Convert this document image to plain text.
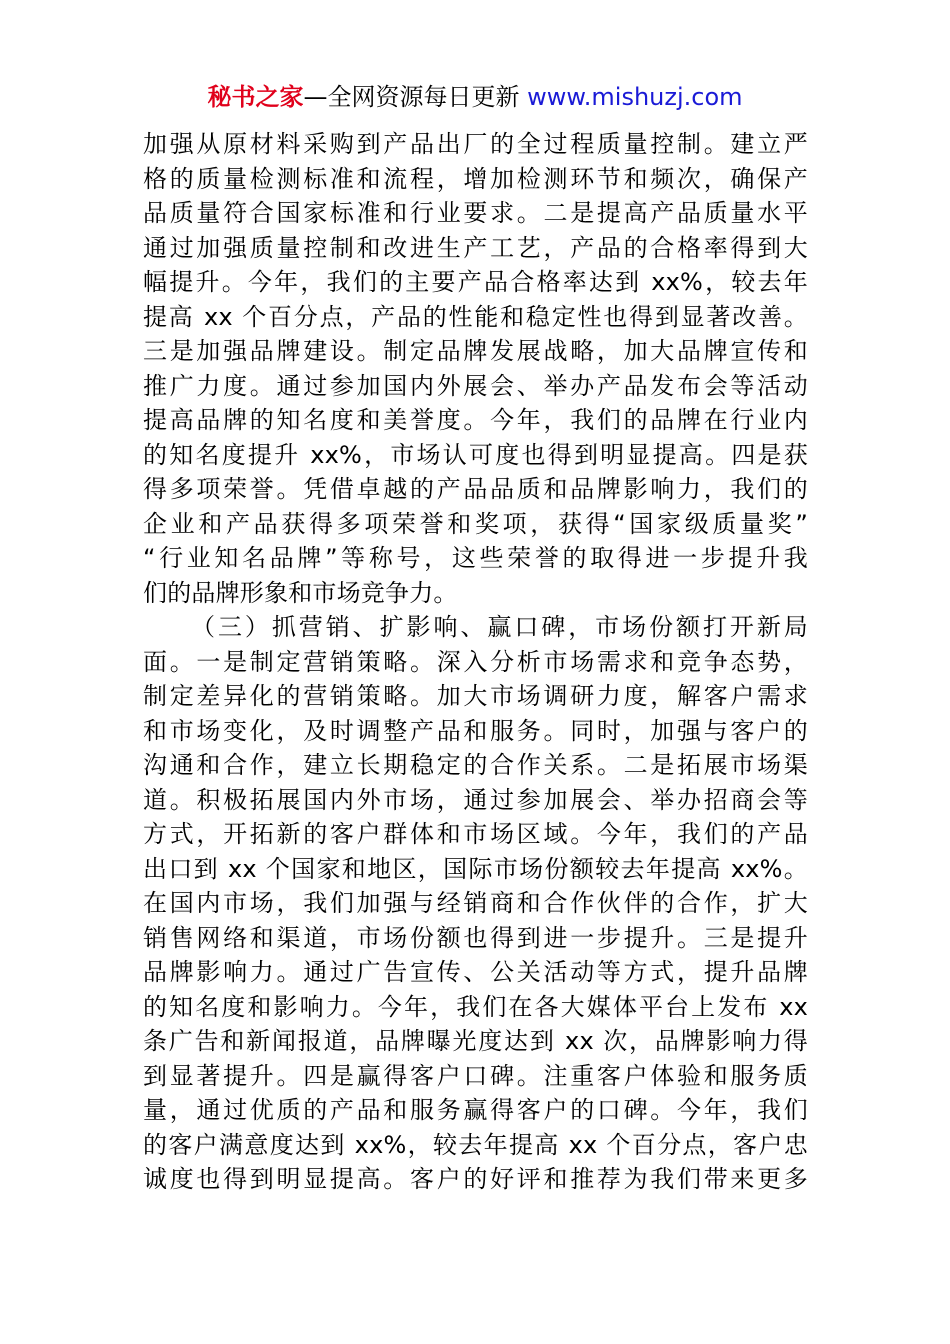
秘书之家—全网资源每日更新 www.mishuzj.com
加强从原材料采购到产品出厂的全过程质量控制。建立严
格的质量检测标准和流程，增加检测环节和频次，确保产
品质量符合国家标准和行业要求。二是提高产品质量水平
通过加强质量控制和改进生产工艺，产品的合格率得到大
幅提升。今年，我们的主要产品合格率达到 xx%，较去年
提高 xx 个百分点，产品的性能和稳定性也得到显著改善。
三是加强品牌建设。制定品牌发展战略，加大品牌宣传和
推广力度。通过参加国内外展会、举办产品发布会等活动
提高品牌的知名度和美誉度。今年，我们的品牌在行业内
的知名度提升 xx%，市场认可度也得到明显提高。四是获
得多项荣誉。凭借卓越的产品品质和品牌影响力，我们的
企业和产品获得多项荣誉和奖项，获得“国家级质量奖”
“行业知名品牌”等称号，这些荣誉的取得进一步提升我
们的品牌形象和市场竞争力。
（三）抓营销、扩影响、赢口碑，市场份额打开新局
面。一是制定营销策略。深入分析市场需求和竞争态势，
制定差异化的营销策略。加大市场调研力度，解客户需求
和市场变化，及时调整产品和服务。同时，加强与客户的
沟通和合作，建立长期稳定的合作关系。二是拓展市场渠
道。积极拓展国内外市场，通过参加展会、举办招商会等
方式，开拓新的客户群体和市场区域。今年，我们的产品
出口到 xx 个国家和地区，国际市场份额较去年提高 xx%。
在国内市场，我们加强与经销商和合作伙伴的合作，扩大
销售网络和渠道，市场份额也得到进一步提升。三是提升
品牌影响力。通过广告宣传、公关活动等方式，提升品牌
的知名度和影响力。今年，我们在各大媒体平台上发布 xx
条广告和新闻报道，品牌曝光度达到 xx 次，品牌影响力得
到显著提升。四是赢得客户口碑。注重客户体验和服务质
量，通过优质的产品和服务赢得客户的口碑。今年，我们
的客户满意度达到 xx%，较去年提高 xx 个百分点，客户忠
诚度也得到明显提高。客户的好评和推荐为我们带来更多
